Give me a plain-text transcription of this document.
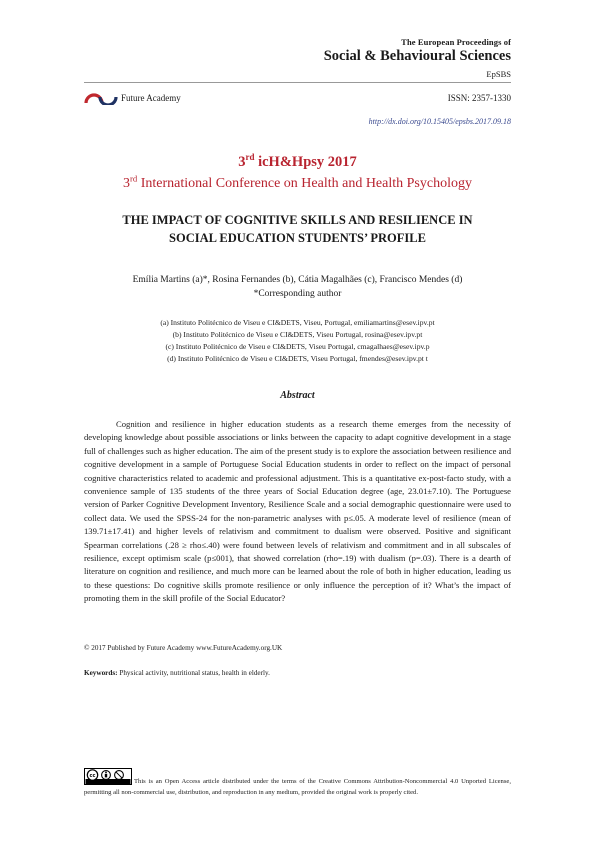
The European Proceedings of
Social & Behavioural Sciences
EpSBS
Future Academy	ISSN: 2357-1330
http://dx.doi.org/10.15405/epsbs.2017.09.18
3rd icH&Hpsy 2017
3rd International Conference on Health and Health Psychology
THE IMPACT OF COGNITIVE SKILLS AND RESILIENCE IN
SOCIAL EDUCATION STUDENTS’ PROFILE
Emília Martins (a)*, Rosina Fernandes (b), Cátia Magalhães (c), Francisco Mendes (d)
*Corresponding author
(a) Instituto Politécnico de Viseu e CI&DETS, Viseu, Portugal, emiliamartins@esev.ipv.pt
(b) Instituto Politécnico de Viseu e CI&DETS, Viseu Portugal, rosina@esev.ipv.pt
(c) Instituto Politécnico de Viseu e CI&DETS, Viseu Portugal, cmagalhaes@esev.ipv.p
(d) Instituto Politécnico de Viseu e CI&DETS, Viseu Portugal, fmendes@esev.ipv.pt t
Abstract
Cognition and resilience in higher education students as a research theme emerges from the necessity of developing knowledge about possible associations or links between the capacity to adapt cognitive development in a stage full of challenges such as higher education. The aim of the present study is to explore the association between resilience and cognitive development in a sample of Portuguese Social Education students in order to reflect on the impact of personal cognitive characteristics related to academic and professional adjustment. This is a quantitative ex-post-facto study, with a convenience sample of 135 students of the three years of Social Education degree (age, 23.01±7.10). The Portuguese version of Parker Cognitive Development Inventory, Resilience Scale and a social demographic questionnaire were used to collect data. We used the SPSS-24 for the non-parametric analyses with p≤.05. A moderate level of resilience (mean of 139.71±17.41) and higher levels of relativism and commitment to dualism were observed. Positive and significant Spearman correlations (.28 ≥ rho≤.40) were found between levels of relativism and commitment and in all subscales of resilience, except optimism scale (p≤001), that showed correlation (rho=.19) with dualism (p=.03). There is a dearth of literature on cognition and resilience, and much more can be learned about the role of both in higher education, leading us to these questions: Do cognitive skills promote resilience or only influence the perception of it? What’s the impact of promoting them in the skill profile of the Social Educator?
© 2017 Published by Future Academy www.FutureAcademy.org.UK
Keywords: Physical activity, nutritional status, health in elderly.
cc
This is an Open Access article distributed under the terms of the Creative Commons Attribution-Noncommercial 4.0 Unported License, permitting all non-commercial use, distribution, and reproduction in any medium, provided the original work is properly cited.
